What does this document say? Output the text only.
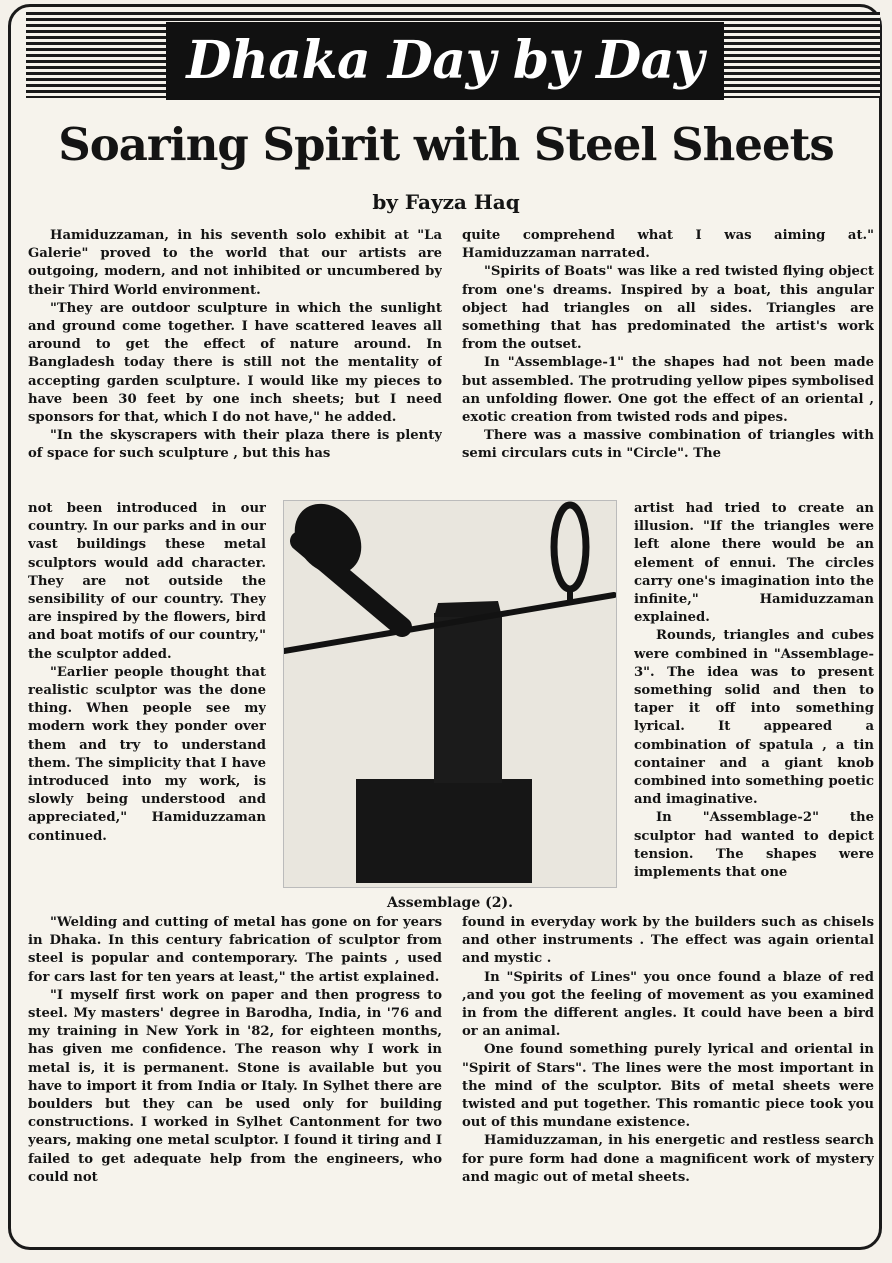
Dhaka Day by Day
Soaring Spirit with Steel Sheets
by Fayza Haq

Hamiduzzaman, in his seventh solo exhibit at "La Galerie" proved to the world that our artists are outgoing, modern, and not inhibited or uncumbered by their Third World environment.

"They are outdoor sculpture in which the sunlight and ground come together. I have scattered leaves all around to get the effect of nature around. In Bangladesh today there is still not the mentality of accepting garden sculpture. I would like my pieces to have been 30 feet by one inch sheets; but I need sponsors for that, which I do not have," he added.

"In the skyscrapers with their plaza there is plenty of space for such sculpture , but this has

not been introduced in our country. In our parks and in our vast buildings these metal sculptors would add character. They are not outside the sensibility of our country. They are inspired by the flowers, bird and boat motifs of our country," the sculptor added.

"Earlier people thought that realistic sculptor was the done thing. When people see my modern work they ponder over them and try to understand them. The simplicity that I have introduced into my work, is slowly being understood and appreciated," Hamiduzzaman continued.

Assemblage (2).

quite comprehend what I was aiming at." Hamiduzzaman narrated.

"Spirits of Boats" was like a red twisted flying object from one's dreams. Inspired by a boat, this angular object had triangles on all sides. Triangles are something that has predominated the artist's work from the outset.

In "Assemblage-1" the shapes had not been made but assembled. The protruding yellow pipes symbolised an unfolding flower. One got the effect of an oriental , exotic creation from twisted rods and pipes.

There was a massive combination of triangles with semi circulars cuts in "Circle". The

artist had tried to create an illusion. "If the triangles were left alone there would be an element of ennui. The circles carry one's imagination into the infinite," Hamiduzzaman explained.

Rounds, triangles and cubes were combined in "Assemblage-3". The idea was to present something solid and then to taper it off into something lyrical. It appeared a combination of spatula , a tin container and a giant knob combined into something poetic and imaginative.

In "Assemblage-2" the sculptor had wanted to depict tension. The shapes were implements that one

"Welding and cutting of metal has gone on for years in Dhaka. In this century fabrication of sculptor from steel is popular and contemporary. The paints , used for cars last for ten years at least," the artist explained.

"I myself first work on paper and then progress to steel. My masters' degree in Barodha, India, in '76 and my training in New York in '82, for eighteen months, has given me confidence. The reason why I work in metal is, it is permanent. Stone is available but you have to import it from India or Italy. In Sylhet there are boulders but they can be used only for building constructions. I worked in Sylhet Cantonment for two years, making one metal sculptor. I found it tiring and I failed to get adequate help from the engineers, who could not

found in everyday work by the builders such as chisels and other instruments . The effect was again oriental and mystic .

In "Spirits of Lines" you once found a blaze of red ,and you got the feeling of movement as you examined in from the different angles. It could have been a bird or an animal.

One found something purely lyrical and oriental in "Spirit of Stars". The lines were the most important in the mind of the sculptor. Bits of metal sheets were twisted and put together. This romantic piece took you out of this mundane existence.

Hamiduzzaman, in his energetic and restless search for pure form had done a magnificent work of mystery and magic out of metal sheets.
